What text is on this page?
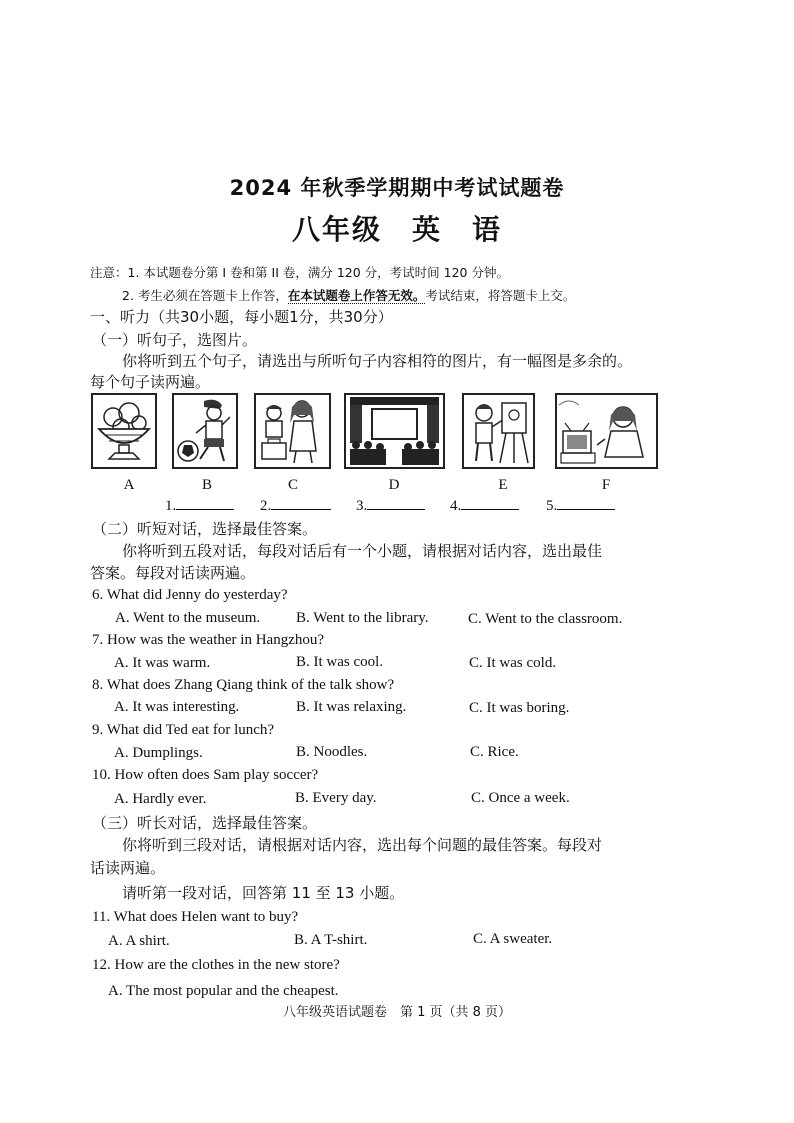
2024 年秋季学期期中考试试题卷
八年级　英　语
注意：1. 本试题卷分第 I 卷和第 II 卷，满分 120 分，考试时间 120 分钟。
2. 考生必须在答题卡上作答，在本试题卷上作答无效。考试结束，将答题卡上交。
一、听力（共30小题，每小题1分，共30分）
（一）听句子，选图片。
你将听到五个句子，请选出与所听句子内容相符的图片，有一幅图是多余的。
每个句子读两遍。
A	B	C	D	E	F
1.	2.	3.	4.	5.
（二）听短对话，选择最佳答案。
你将听到五段对话，每段对话后有一个小题，请根据对话内容，选出最佳
答案。每段对话读两遍。
6. What did Jenny do yesterday?
A. Went to the museum. B. Went to the library.	C. Went to the classroom.
7. How was the weather in Hangzhou?
A. It was warm.	B. It was cool.	C. It was cold.
8. What does Zhang Qiang think of the talk show?
A. It was interesting.	B. It was relaxing.	C. It was boring.
9. What did Ted eat for lunch?
A. Dumplings.	B. Noodles.	C. Rice.
10. How often does Sam play soccer?
A. Hardly ever.	B. Every day.	C. Once a week.
（三）听长对话，选择最佳答案。
你将听到三段对话，请根据对话内容，选出每个问题的最佳答案。每段对
话读两遍。
请听第一段对话，回答第 11 至 13 小题。
11. What does Helen want to buy?
A. A shirt.	B. A T-shirt.	C. A sweater.
12. How are the clothes in the new store?
A. The most popular and the cheapest.
八年级英语试题卷　第 1 页（共 8 页）
